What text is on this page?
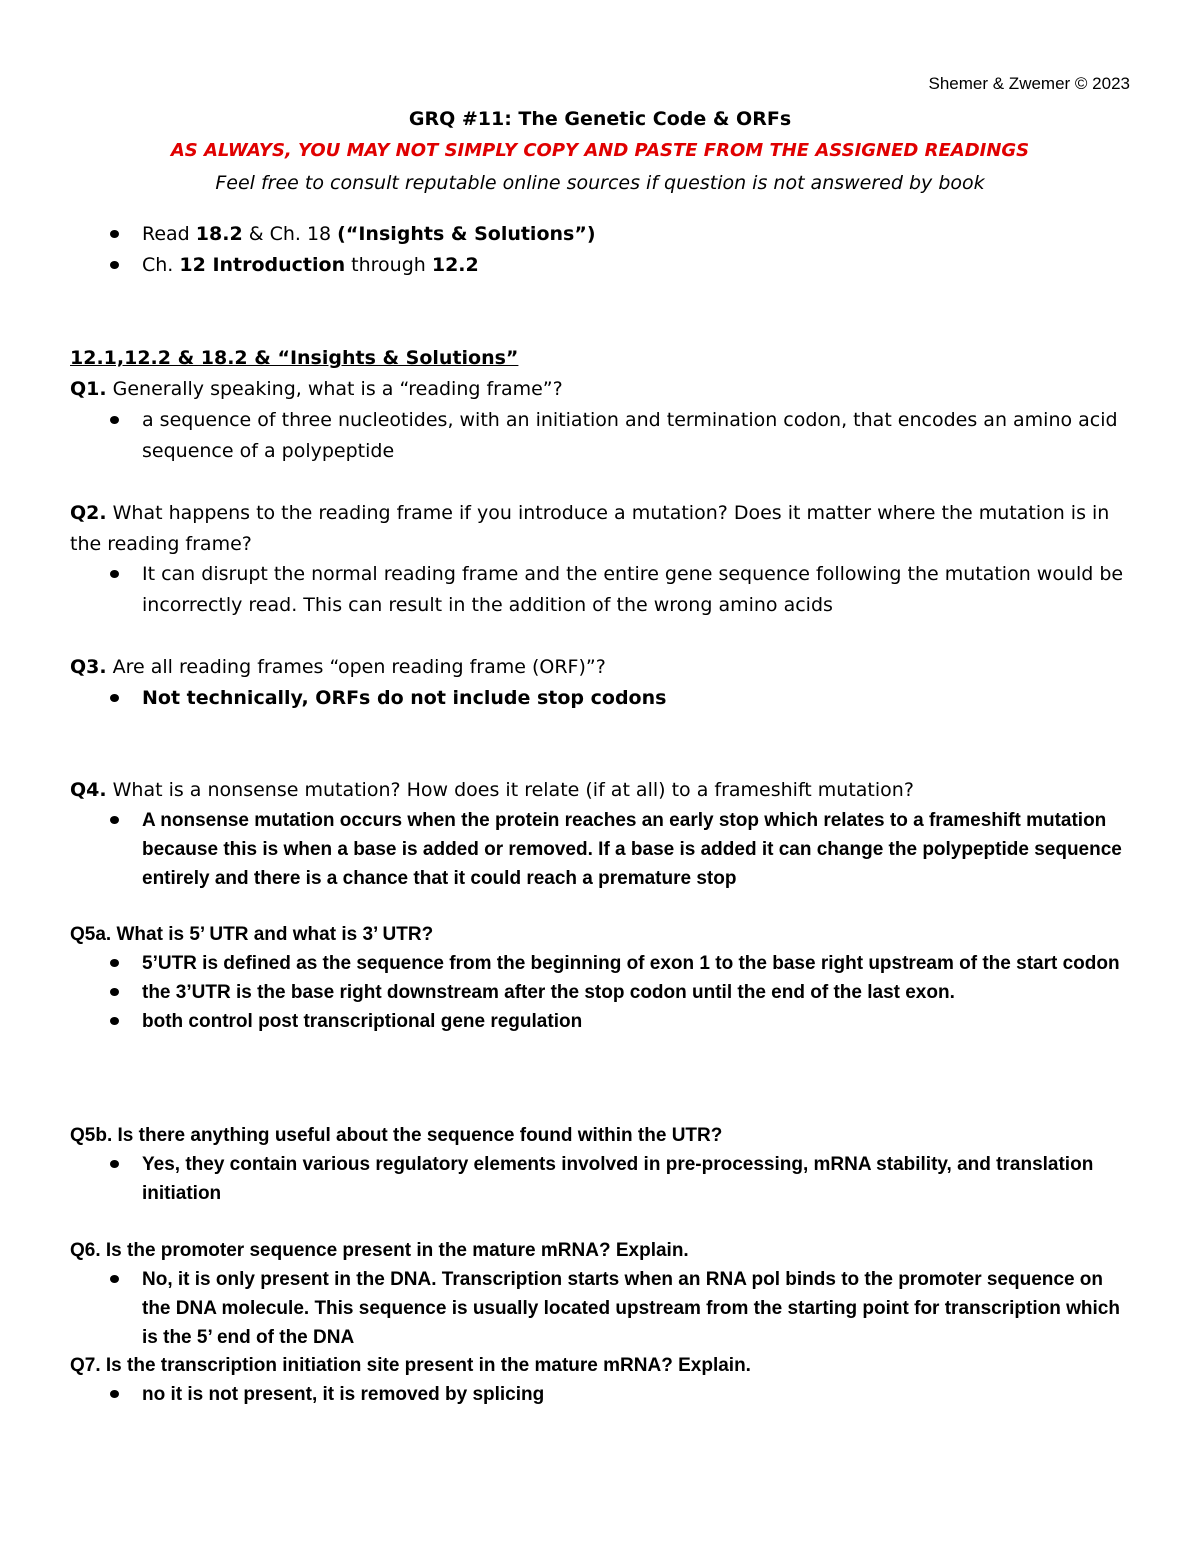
Shemer & Zwemer © 2023
GRQ #11: The Genetic Code & ORFs
AS ALWAYS, YOU MAY NOT SIMPLY COPY AND PASTE FROM THE ASSIGNED READINGS
Feel free to consult reputable online sources if question is not answered by book
Read 18.2 & Ch. 18 (“Insights & Solutions”)
Ch. 12 Introduction through 12.2
12.1,12.2 & 18.2 & “Insights & Solutions”
Q1. Generally speaking, what is a “reading frame”?
a sequence of three nucleotides, with an initiation and termination codon, that encodes an amino acid sequence of a polypeptide
Q2. What happens to the reading frame if you introduce a mutation? Does it matter where the mutation is in the reading frame?
It can disrupt the normal reading frame and the entire gene sequence following the mutation would be incorrectly read. This can result in the addition of the wrong amino acids
Q3. Are all reading frames “open reading frame (ORF)”?
Not technically, ORFs do not include stop codons
Q4. What is a nonsense mutation? How does it relate (if at all) to a frameshift mutation?
A nonsense mutation occurs when the protein reaches an early stop which relates to a frameshift mutation because this is when a base is added or removed. If a base is added it can change the polypeptide sequence entirely and there is a chance that it could reach a premature stop
Q5a. What is 5’ UTR and what is 3’ UTR?
5’UTR is defined as the sequence from the beginning of exon 1 to the base right upstream of the start codon
the 3’UTR is the base right downstream after the stop codon until the end of the last exon.
both control post transcriptional gene regulation
Q5b. Is there anything useful about the sequence found within the UTR?
Yes, they contain various regulatory elements involved in pre-processing, mRNA stability, and translation initiation
Q6. Is the promoter sequence present in the mature mRNA? Explain.
No, it is only present in the DNA. Transcription starts when an RNA pol binds to the promoter sequence on the DNA molecule. This sequence is usually located upstream from the starting point for transcription which is the 5’ end of the DNA
Q7. Is the transcription initiation site present in the mature mRNA? Explain.
no it is not present, it is removed by splicing
